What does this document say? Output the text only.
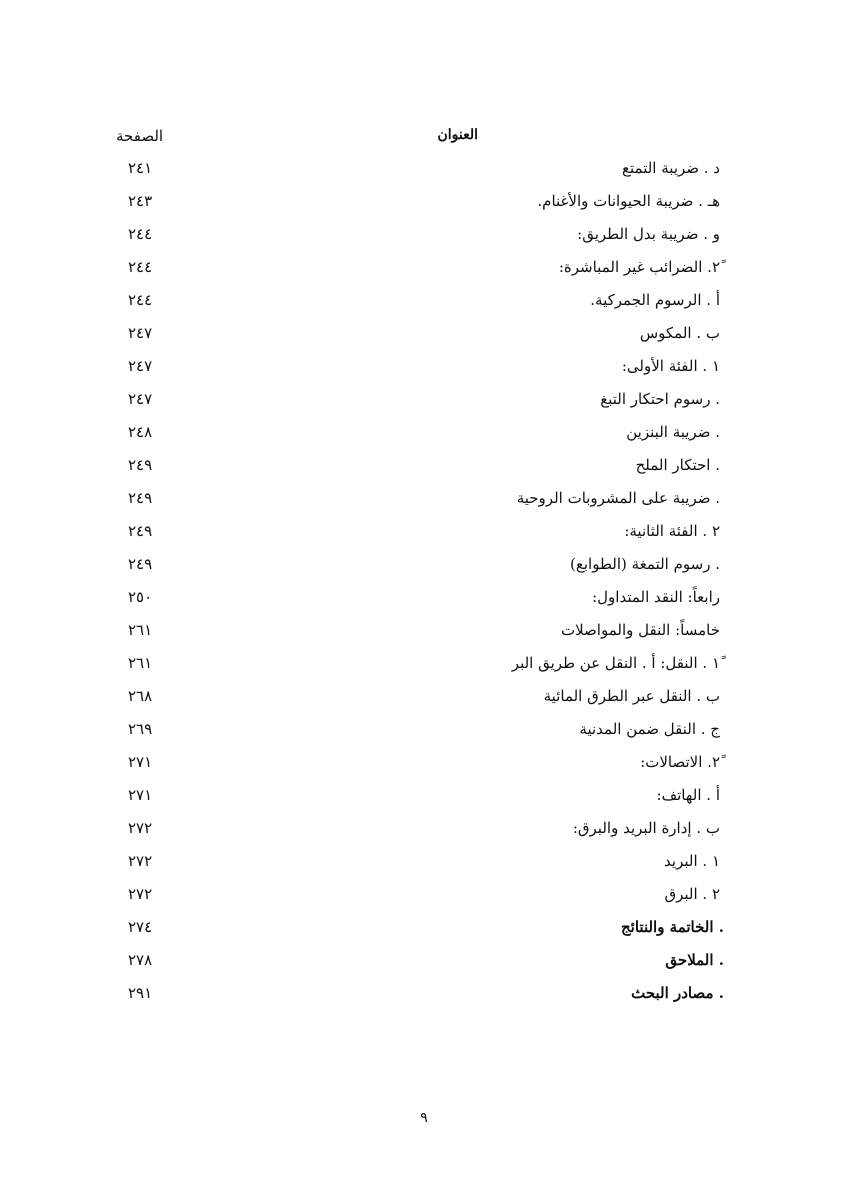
العنوان
الصفحة
د . ضريبة التمتع
٢٤١
هـ . ضريبة الحيوانات والأغنام.
٢٤٣
و . ضريبة بدل الطريق:
٢٤٤
ً٢. الضرائب غير المباشرة:
٢٤٤
أ . الرسوم الجمركية.
٢٤٤
ب . المكوس
٢٤٧
١ . الفئة الأولى:
٢٤٧
. رسوم احتكار التبغ
٢٤٧
. ضريبة البنزين
٢٤٨
. احتكار الملح
٢٤٩
. ضريبة على المشروبات الروحية
٢٤٩
٢ . الفئة الثانية:
٢٤٩
. رسوم التمغة (الطوابع)
٢٤٩
رابعاً: النقد المتداول:
٢٥٠
خامساً: النقل والمواصلات
٢٦١
ً١ . النقل: أ . النقل عن طريق البر
٢٦١
ب . النقل عبر الطرق المائية
٢٦٨
ج . النقل ضمن المدنية
٢٦٩
ً٢. الاتصالات:
٢٧١
أ . الهاتف:
٢٧١
ب . إدارة البريد والبرق:
٢٧٢
١ . البريد
٢٧٢
٢ . البرق
٢٧٢
. الخاتمة والنتائج
٢٧٤
. الملاحق
٢٧٨
. مصادر البحث
٢٩١
٩
